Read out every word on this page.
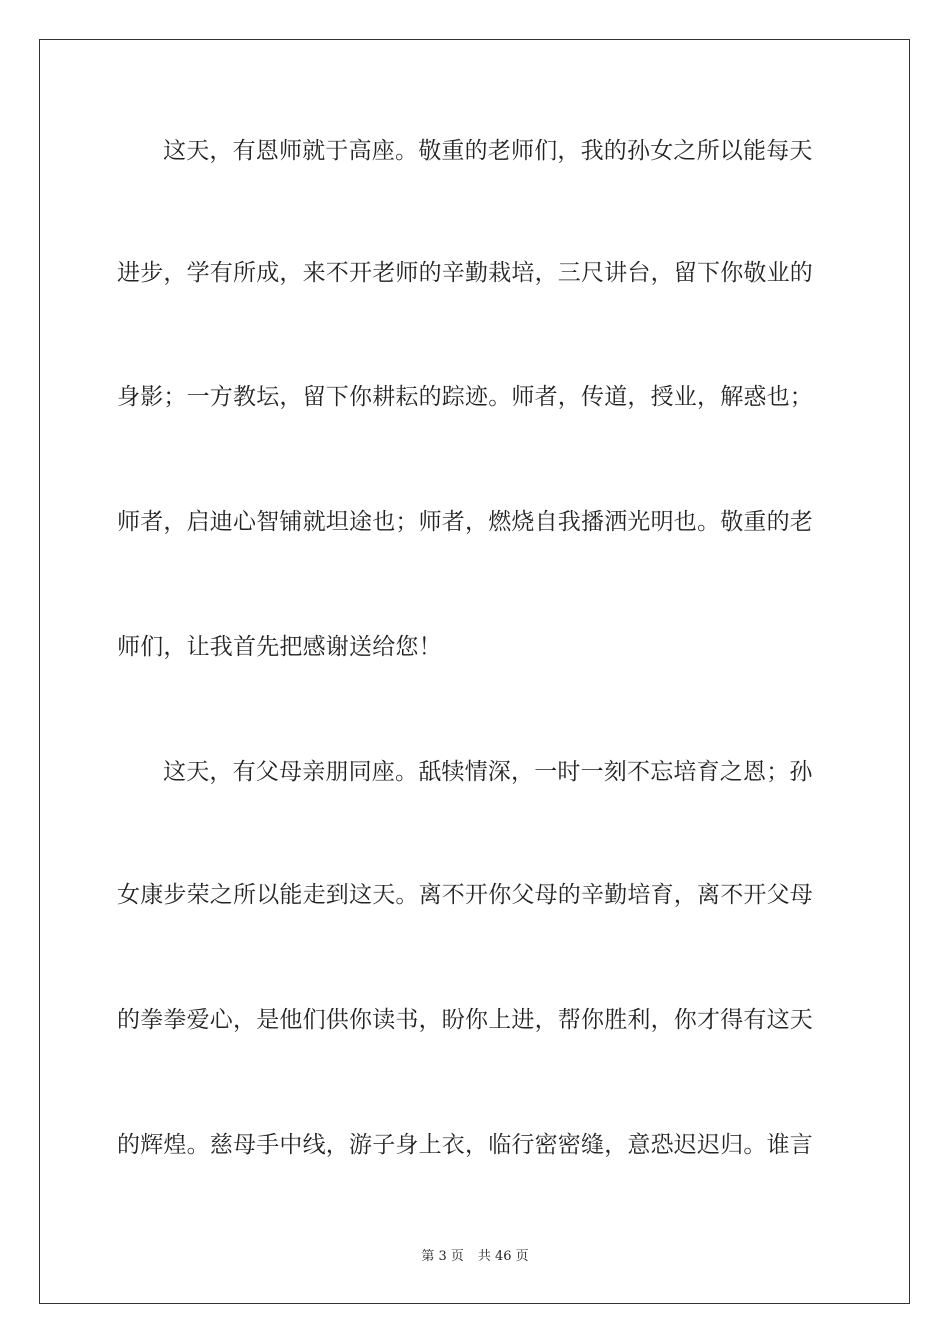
这天，有恩师就于高座。敬重的老师们，我的孙女之所以能每天
进步，学有所成，来不开老师的辛勤栽培，三尺讲台，留下你敬业的
身影；一方教坛，留下你耕耘的踪迹。师者，传道，授业，解惑也；
师者，启迪心智铺就坦途也；师者，燃烧自我播洒光明也。敬重的老
师们，让我首先把感谢送给您！
这天，有父母亲朋同座。舐犊情深，一时一刻不忘培育之恩；孙
女康步荣之所以能走到这天。离不开你父母的辛勤培育，离不开父母
的拳拳爱心，是他们供你读书，盼你上进，帮你胜利，你才得有这天
的辉煌。慈母手中线，游子身上衣，临行密密缝，意恐迟迟归。谁言
第 3 页 共 46 页
